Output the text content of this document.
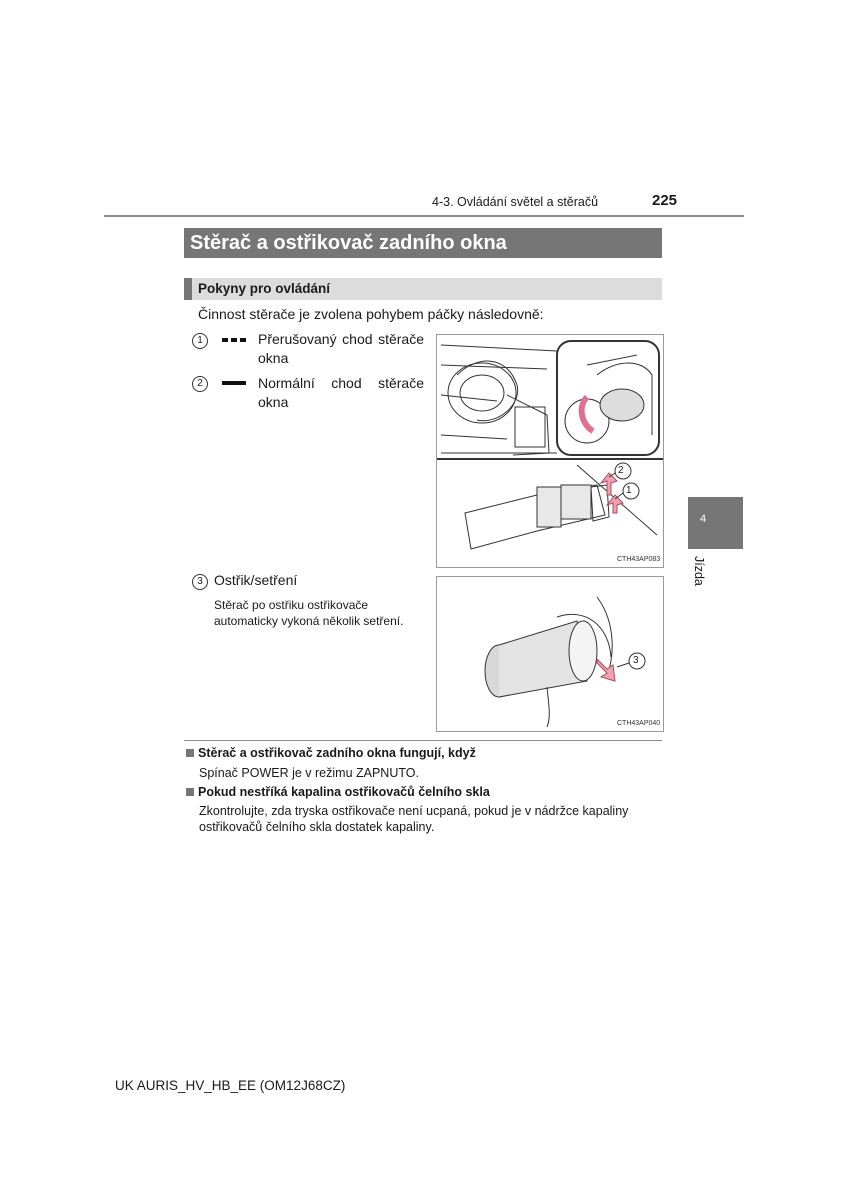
4-3. Ovládání světel a stěračů	225
Stěrač a ostřikovač zadního okna
Pokyny pro ovládání
Činnost stěrače je zvolena pohybem páčky následovně:
1	Přerušovaný chod stěrače okna
2	Normální chod stěrače okna
2
1
CTH43AP083
3 Ostřik/setření
Stěrač po ostřiku ostřikovače automaticky vykoná několik setření.
3
CTH43AP040
Stěrač a ostřikovač zadního okna fungují, když
Spínač POWER je v režimu ZAPNUTO.
Pokud nestříká kapalina ostřikovačů čelního skla
Zkontrolujte, zda tryska ostřikovače není ucpaná, pokud je v nádržce kapaliny ostřikovačů čelního skla dostatek kapaliny.
4
Jízda
UK AURIS_HV_HB_EE (OM12J68CZ)
